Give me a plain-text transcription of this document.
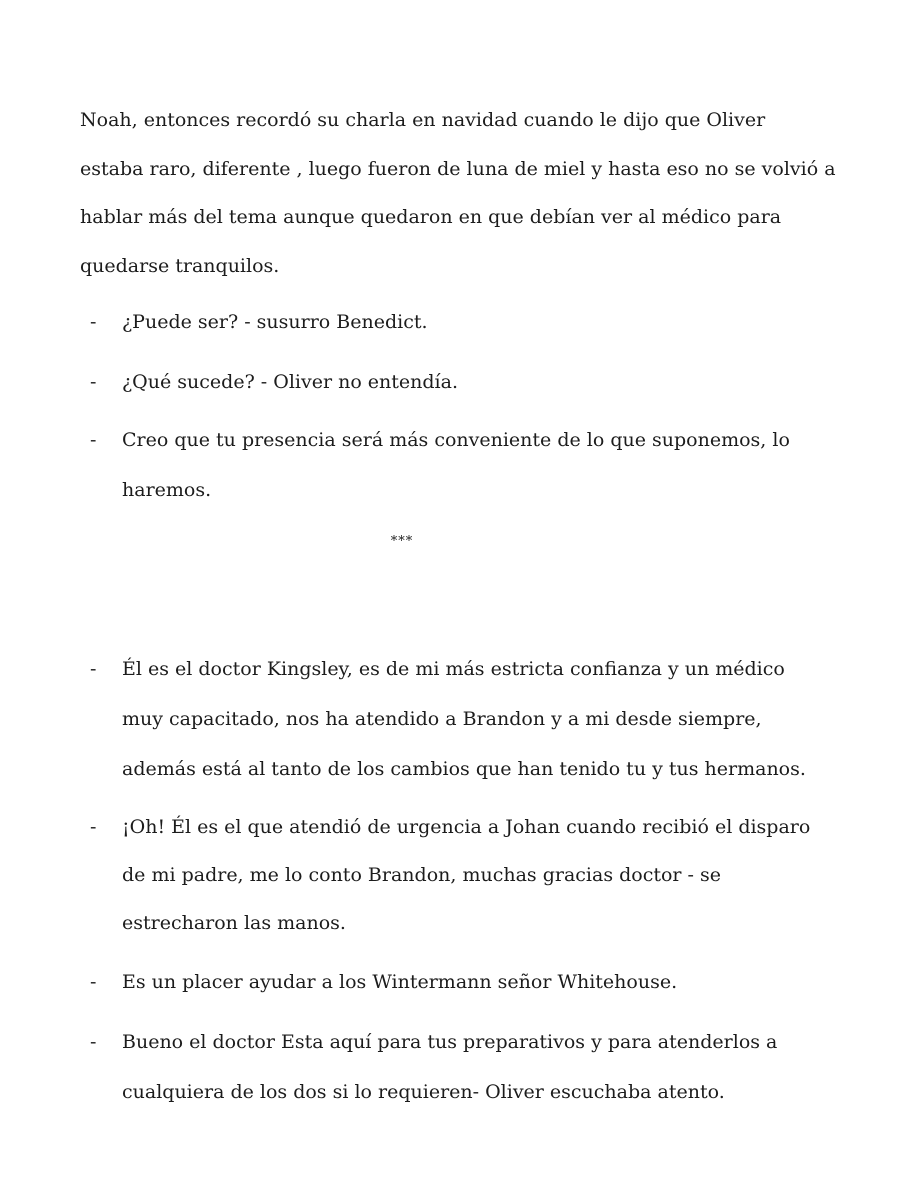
Noah, entonces recordó su charla en navidad cuando le dijo que Oliver
estaba raro, diferente , luego fueron de luna de miel y hasta eso no se volvió a
hablar más del tema aunque quedaron en que debían ver al médico para
quedarse tranquilos.

-	¿Puede ser? - susurro Benedict.
-	¿Qué sucede? - Oliver no entendía.
-	Creo que tu presencia será más conveniente de lo que suponemos, lo
haremos.
***
-	Él es el doctor Kingsley, es de mi más estricta confianza y un médico
muy capacitado, nos ha atendido a Brandon y a mi desde siempre,
además está al tanto de los cambios que han tenido tu y tus hermanos.
-	¡Oh! Él es el que atendió de urgencia a Johan cuando recibió el disparo
de mi padre, me lo conto Brandon, muchas gracias doctor - se
estrecharon las manos.
-	Es un placer ayudar a los Wintermann señor Whitehouse.
-	Bueno el doctor Esta aquí para tus preparativos y para atenderlos a
cualquiera de los dos si lo requieren- Oliver escuchaba atento.
